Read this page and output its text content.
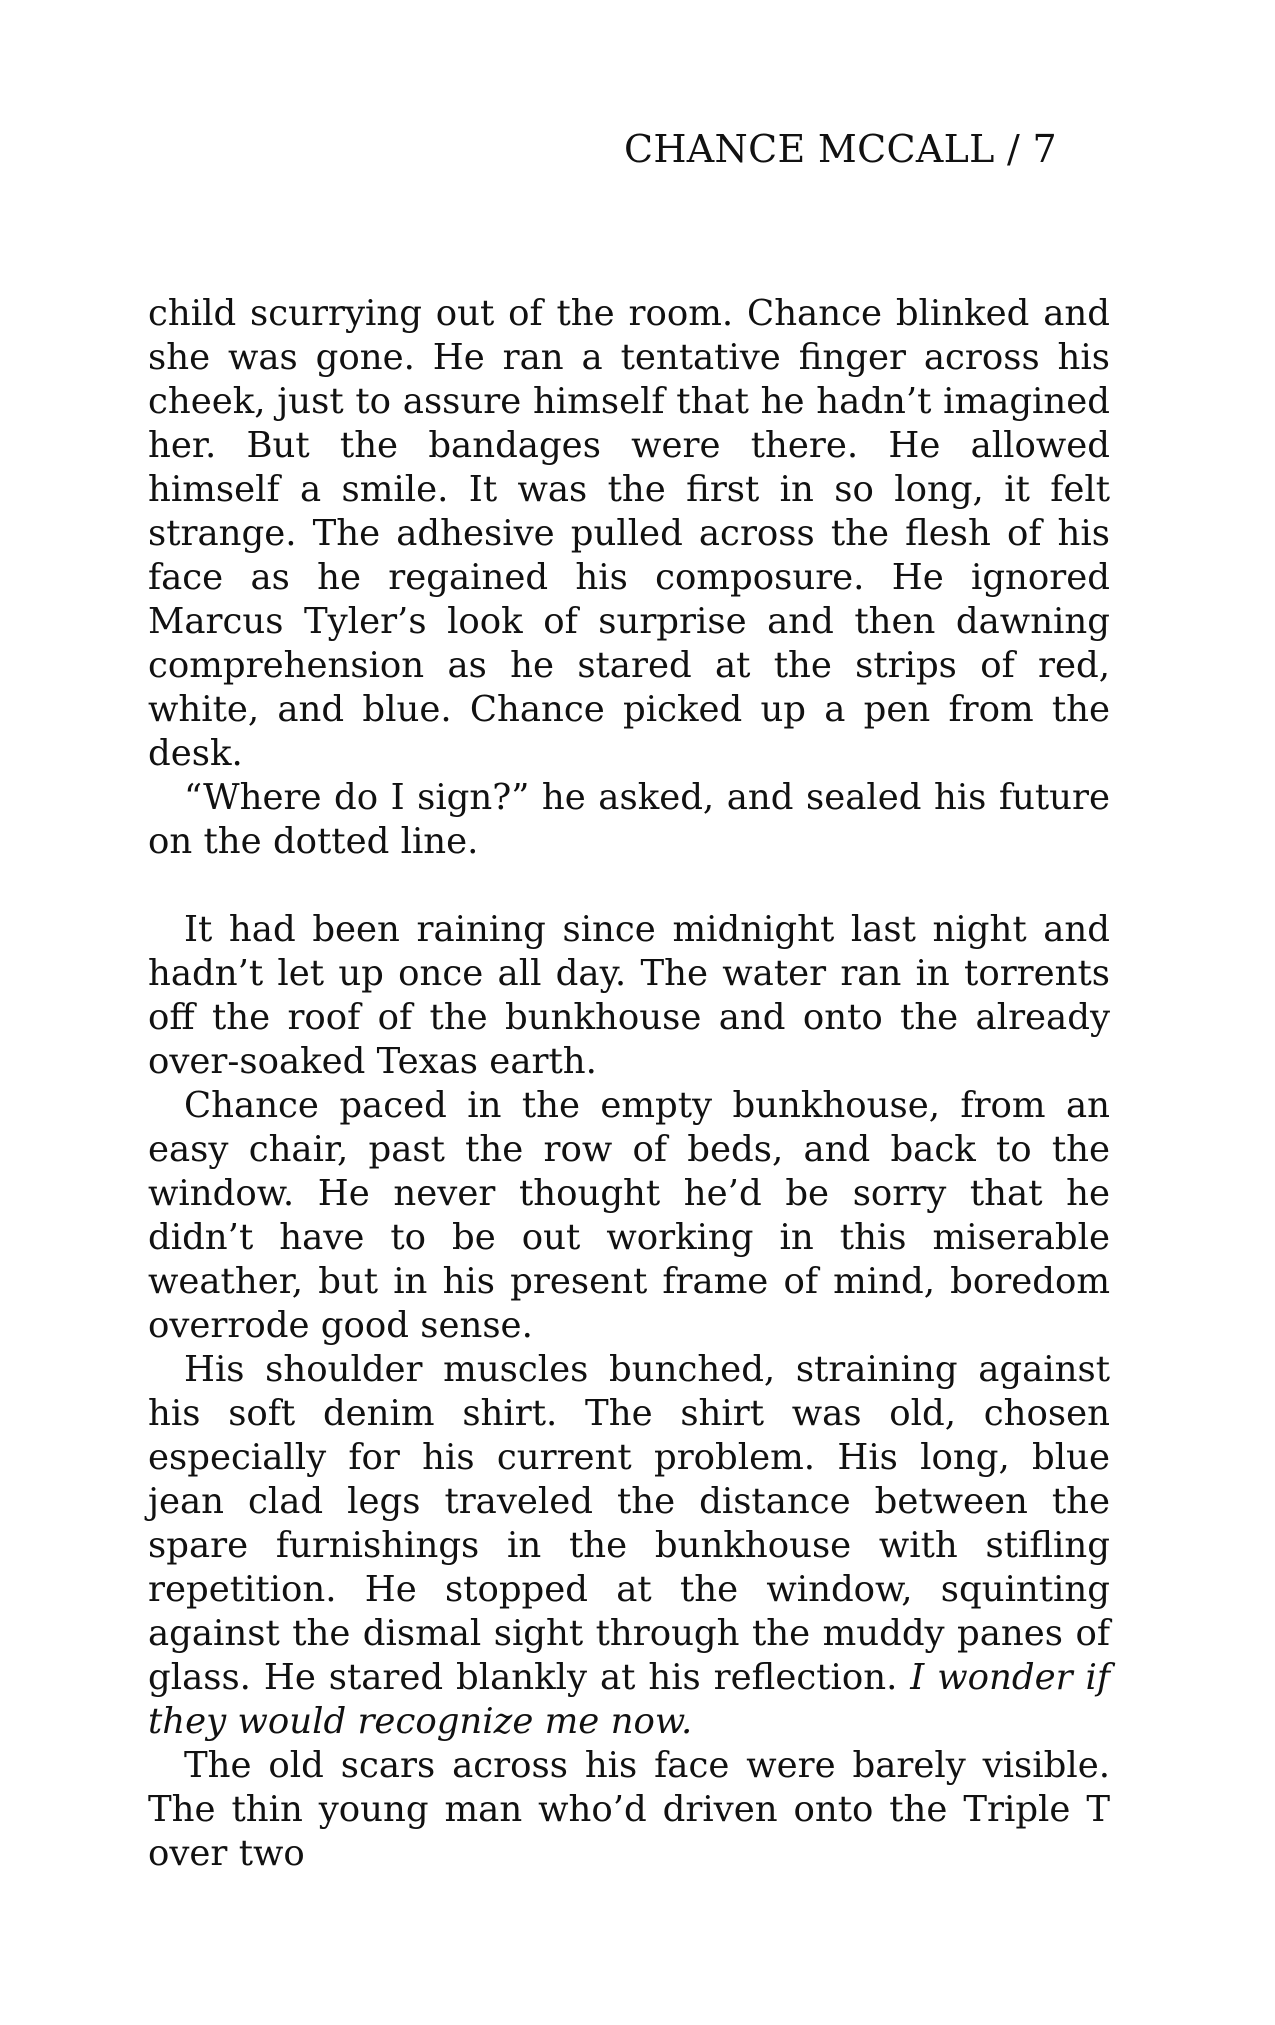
CHANCE MCCALL / 7

child scurrying out of the room. Chance blinked and she was gone. He ran a tentative finger across his cheek, just to assure himself that he hadn’t imagined her. But the bandages were there. He allowed himself a smile. It was the first in so long, it felt strange. The adhesive pulled across the flesh of his face as he regained his composure. He ignored Marcus Tyler’s look of surprise and then dawning comprehension as he stared at the strips of red, white, and blue. Chance picked up a pen from the desk.

“Where do I sign?” he asked, and sealed his future on the dotted line.

It had been raining since midnight last night and hadn’t let up once all day. The water ran in torrents off the roof of the bunkhouse and onto the already over-soaked Texas earth.

Chance paced in the empty bunkhouse, from an easy chair, past the row of beds, and back to the window. He never thought he’d be sorry that he didn’t have to be out working in this miserable weather, but in his present frame of mind, boredom overrode good sense.

His shoulder muscles bunched, straining against his soft denim shirt. The shirt was old, chosen especially for his current problem. His long, blue jean clad legs traveled the distance between the spare furnishings in the bunkhouse with stifling repetition. He stopped at the window, squinting against the dismal sight through the muddy panes of glass. He stared blankly at his reflection. I wonder if they would recognize me now.

The old scars across his face were barely visible. The thin young man who’d driven onto the Triple T over two
